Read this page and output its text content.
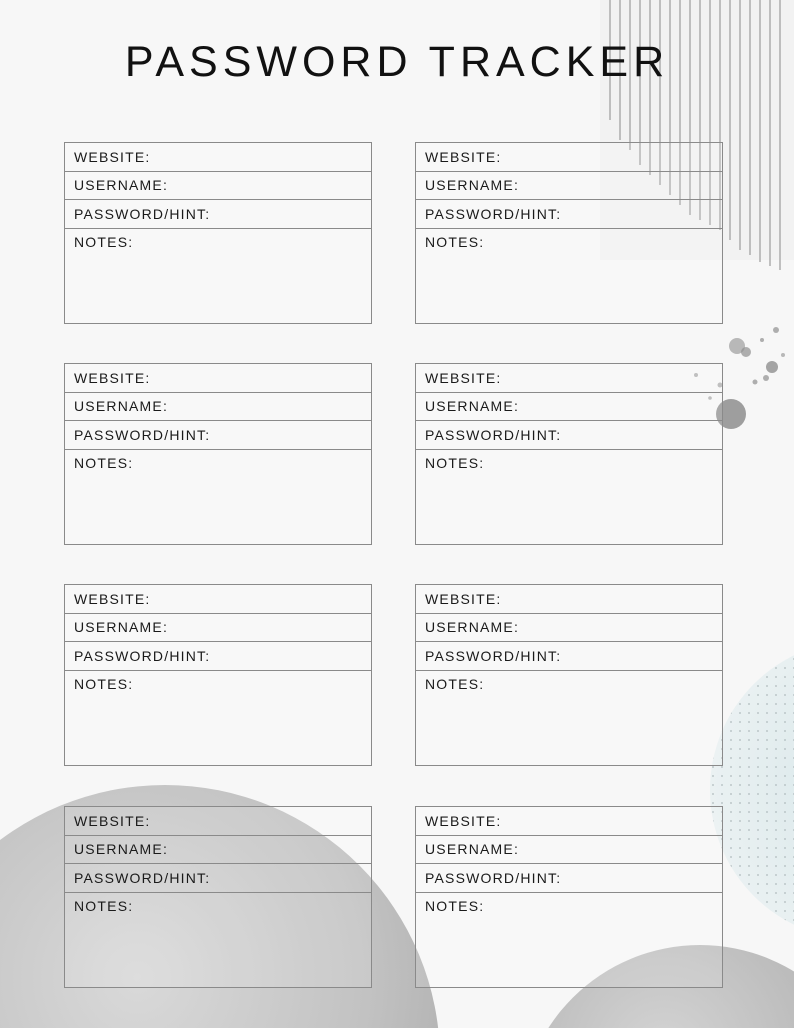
PASSWORD TRACKER
WEBSITE:
USERNAME:
PASSWORD/HINT:
NOTES:
WEBSITE:
USERNAME:
PASSWORD/HINT:
NOTES:
WEBSITE:
USERNAME:
PASSWORD/HINT:
NOTES:
WEBSITE:
USERNAME:
PASSWORD/HINT:
NOTES:
WEBSITE:
USERNAME:
PASSWORD/HINT:
NOTES:
WEBSITE:
USERNAME:
PASSWORD/HINT:
NOTES:
WEBSITE:
USERNAME:
PASSWORD/HINT:
NOTES:
WEBSITE:
USERNAME:
PASSWORD/HINT:
NOTES:
